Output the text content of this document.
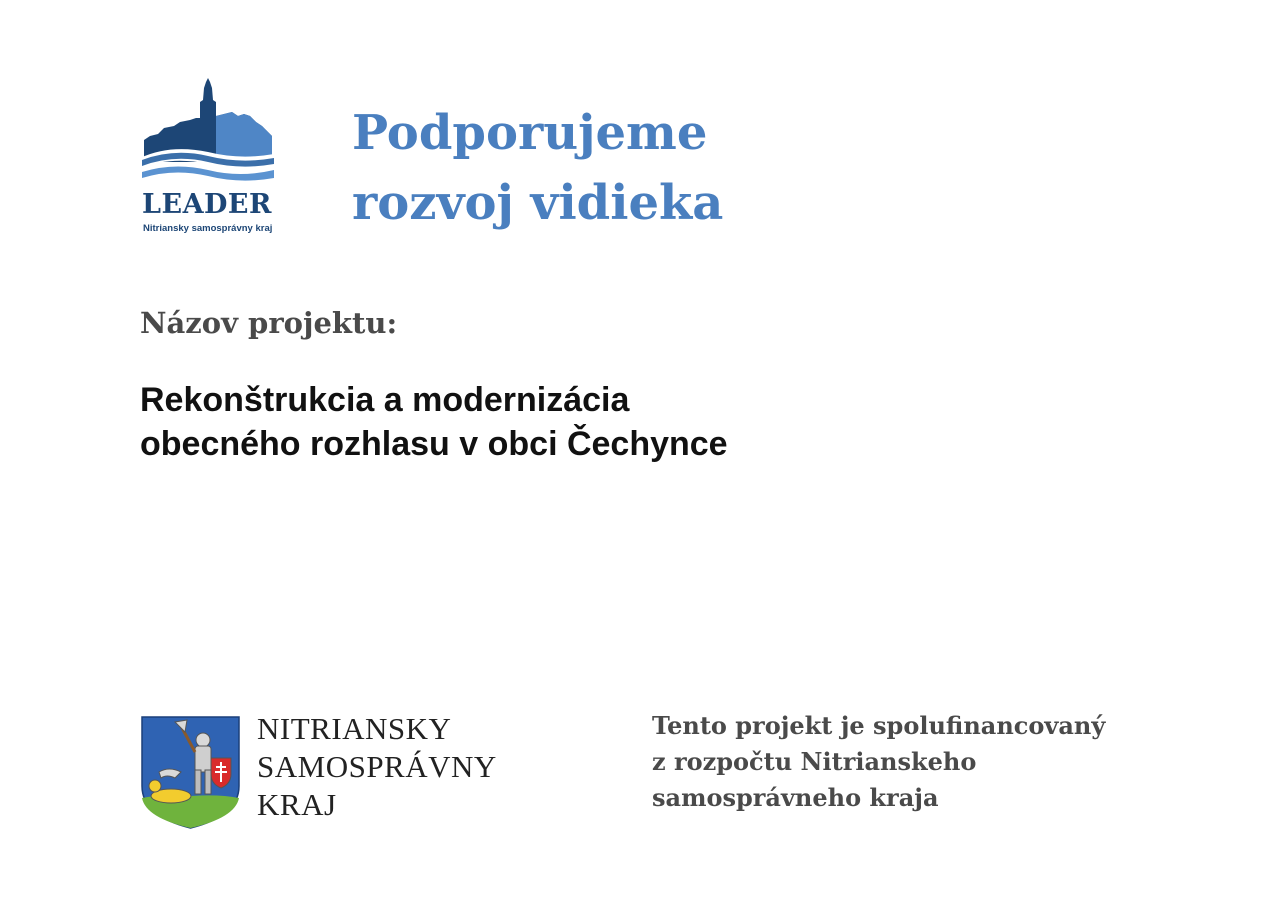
LEADER
Nitriansky samosprávny kraj
Podporujeme
rozvoj vidieka
Názov projektu:
Rekonštrukcia a modernizácia
obecného rozhlasu v obci Čechynce
NITRIANSKY
SAMOSPRÁVNY
KRAJ
Tento projekt je spolufinancovaný
z rozpočtu Nitrianskeho
samosprávneho kraja
